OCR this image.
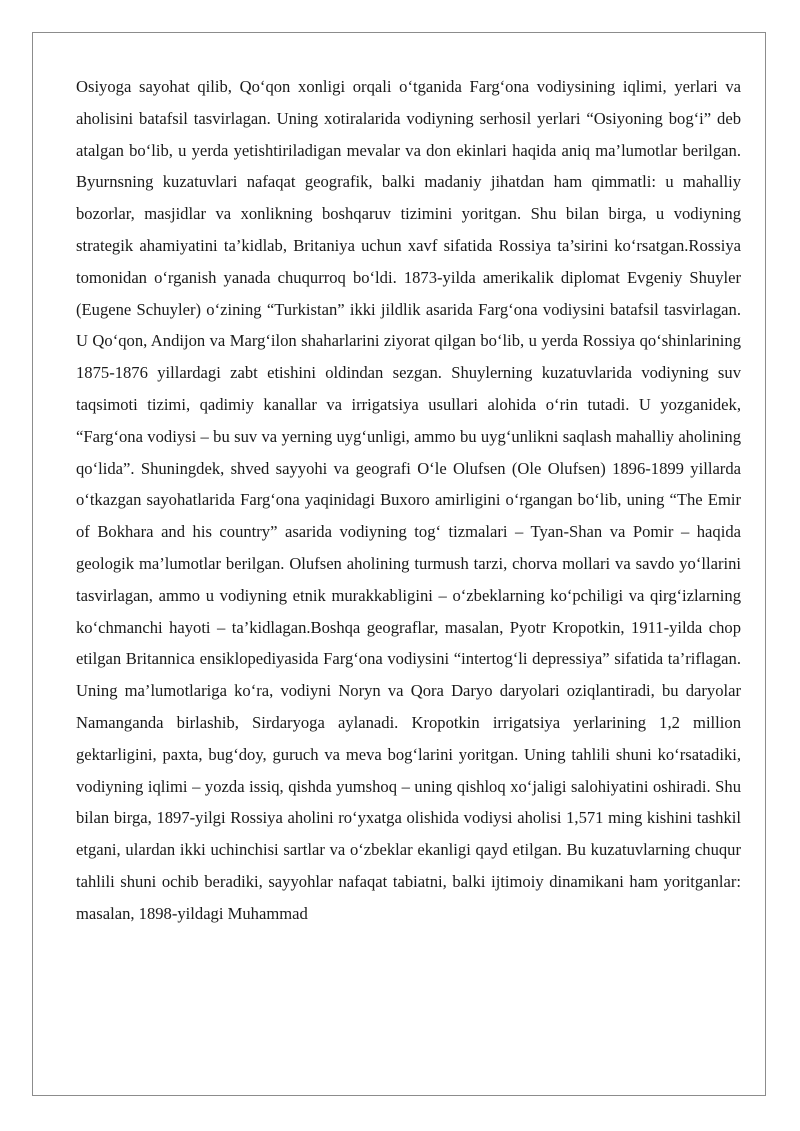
Osiyoga sayohat qilib, Qo‘qon xonligi orqali o‘tganida Farg‘ona vodiysining iqlimi, yerlari va aholisini batafsil tasvirlagan. Uning xotiralarida vodiyning serhosil yerlari “Osiyoning bog‘i” deb atalgan bo‘lib, u yerda yetishtiriladigan mevalar va don ekinlari haqida aniq ma’lumotlar berilgan. Byurnsning kuzatuvlari nafaqat geografik, balki madaniy jihatdan ham qimmatli: u mahalliy bozorlar, masjidlar va xonlikning boshqaruv tizimini yoritgan. Shu bilan birga, u vodiyning strategik ahamiyatini ta’kidlab, Britaniya uchun xavf sifatida Rossiya ta’sirini ko‘rsatgan.Rossiya tomonidan o‘rganish yanada chuqurroq bo‘ldi. 1873-yilda amerikalik diplomat Evgeniy Shuyler (Eugene Schuyler) o‘zining “Turkistan” ikki jildlik asarida Farg‘ona vodiysini batafsil tasvirlagan. U Qo‘qon, Andijon va Marg‘ilon shaharlarini ziyorat qilgan bo‘lib, u yerda Rossiya qo‘shinlarining 1875-1876 yillardagi zabt etishini oldindan sezgan. Shuylerning kuzatuvlarida vodiyning suv taqsimoti tizimi, qadimiy kanallar va irrigatsiya usullari alohida o‘rin tutadi. U yozganidek, “Farg‘ona vodiysi – bu suv va yerning uyg‘unligi, ammo bu uyg‘unlikni saqlash mahalliy aholining qo‘lida”. Shuningdek, shved sayyohi va geografi O‘le Olufsen (Ole Olufsen) 1896-1899 yillarda o‘tkazgan sayohatlarida Farg‘ona yaqinidagi Buxoro amirligini o‘rgangan bo‘lib, uning “The Emir of Bokhara and his country” asarida vodiyning tog‘ tizmalari – Tyan-Shan va Pomir – haqida geologik ma’lumotlar berilgan. Olufsen aholining turmush tarzi, chorva mollari va savdo yo‘llarini tasvirlagan, ammo u vodiyning etnik murakkabligini – o‘zbeklarning ko‘pchiligi va qirg‘izlarning ko‘chmanchi hayoti – ta’kidlagan.Boshqa geograflar, masalan, Pyotr Kropotkin, 1911-yilda chop etilgan Britannica ensiklopediyasida Farg‘ona vodiysini “intertog‘li depressiya” sifatida ta’riflagan. Uning ma’lumotlariga ko‘ra, vodiyni Noryn va Qora Daryo daryolari oziqlantiradi, bu daryolar Namanganda birlashib, Sirdaryoga aylanadi. Kropotkin irrigatsiya yerlarining 1,2 million gektarligini, paxta, bug‘doy, guruch va meva bog‘larini yoritgan. Uning tahlili shuni ko‘rsatadiki, vodiyning iqlimi – yozda issiq, qishda yumshoq – uning qishloq xo‘jaligi salohiyatini oshiradi. Shu bilan birga, 1897-yilgi Rossiya aholini ro‘yxatga olishida vodiysi aholisi 1,571 ming kishini tashkil etgani, ulardan ikki uchinchisi sartlar va o‘zbeklar ekanligi qayd etilgan. Bu kuzatuvlarning chuqur tahlili shuni ochib beradiki, sayyohlar nafaqat tabiatni, balki ijtimoiy dinamikani ham yoritganlar: masalan, 1898-yildagi Muhammad
